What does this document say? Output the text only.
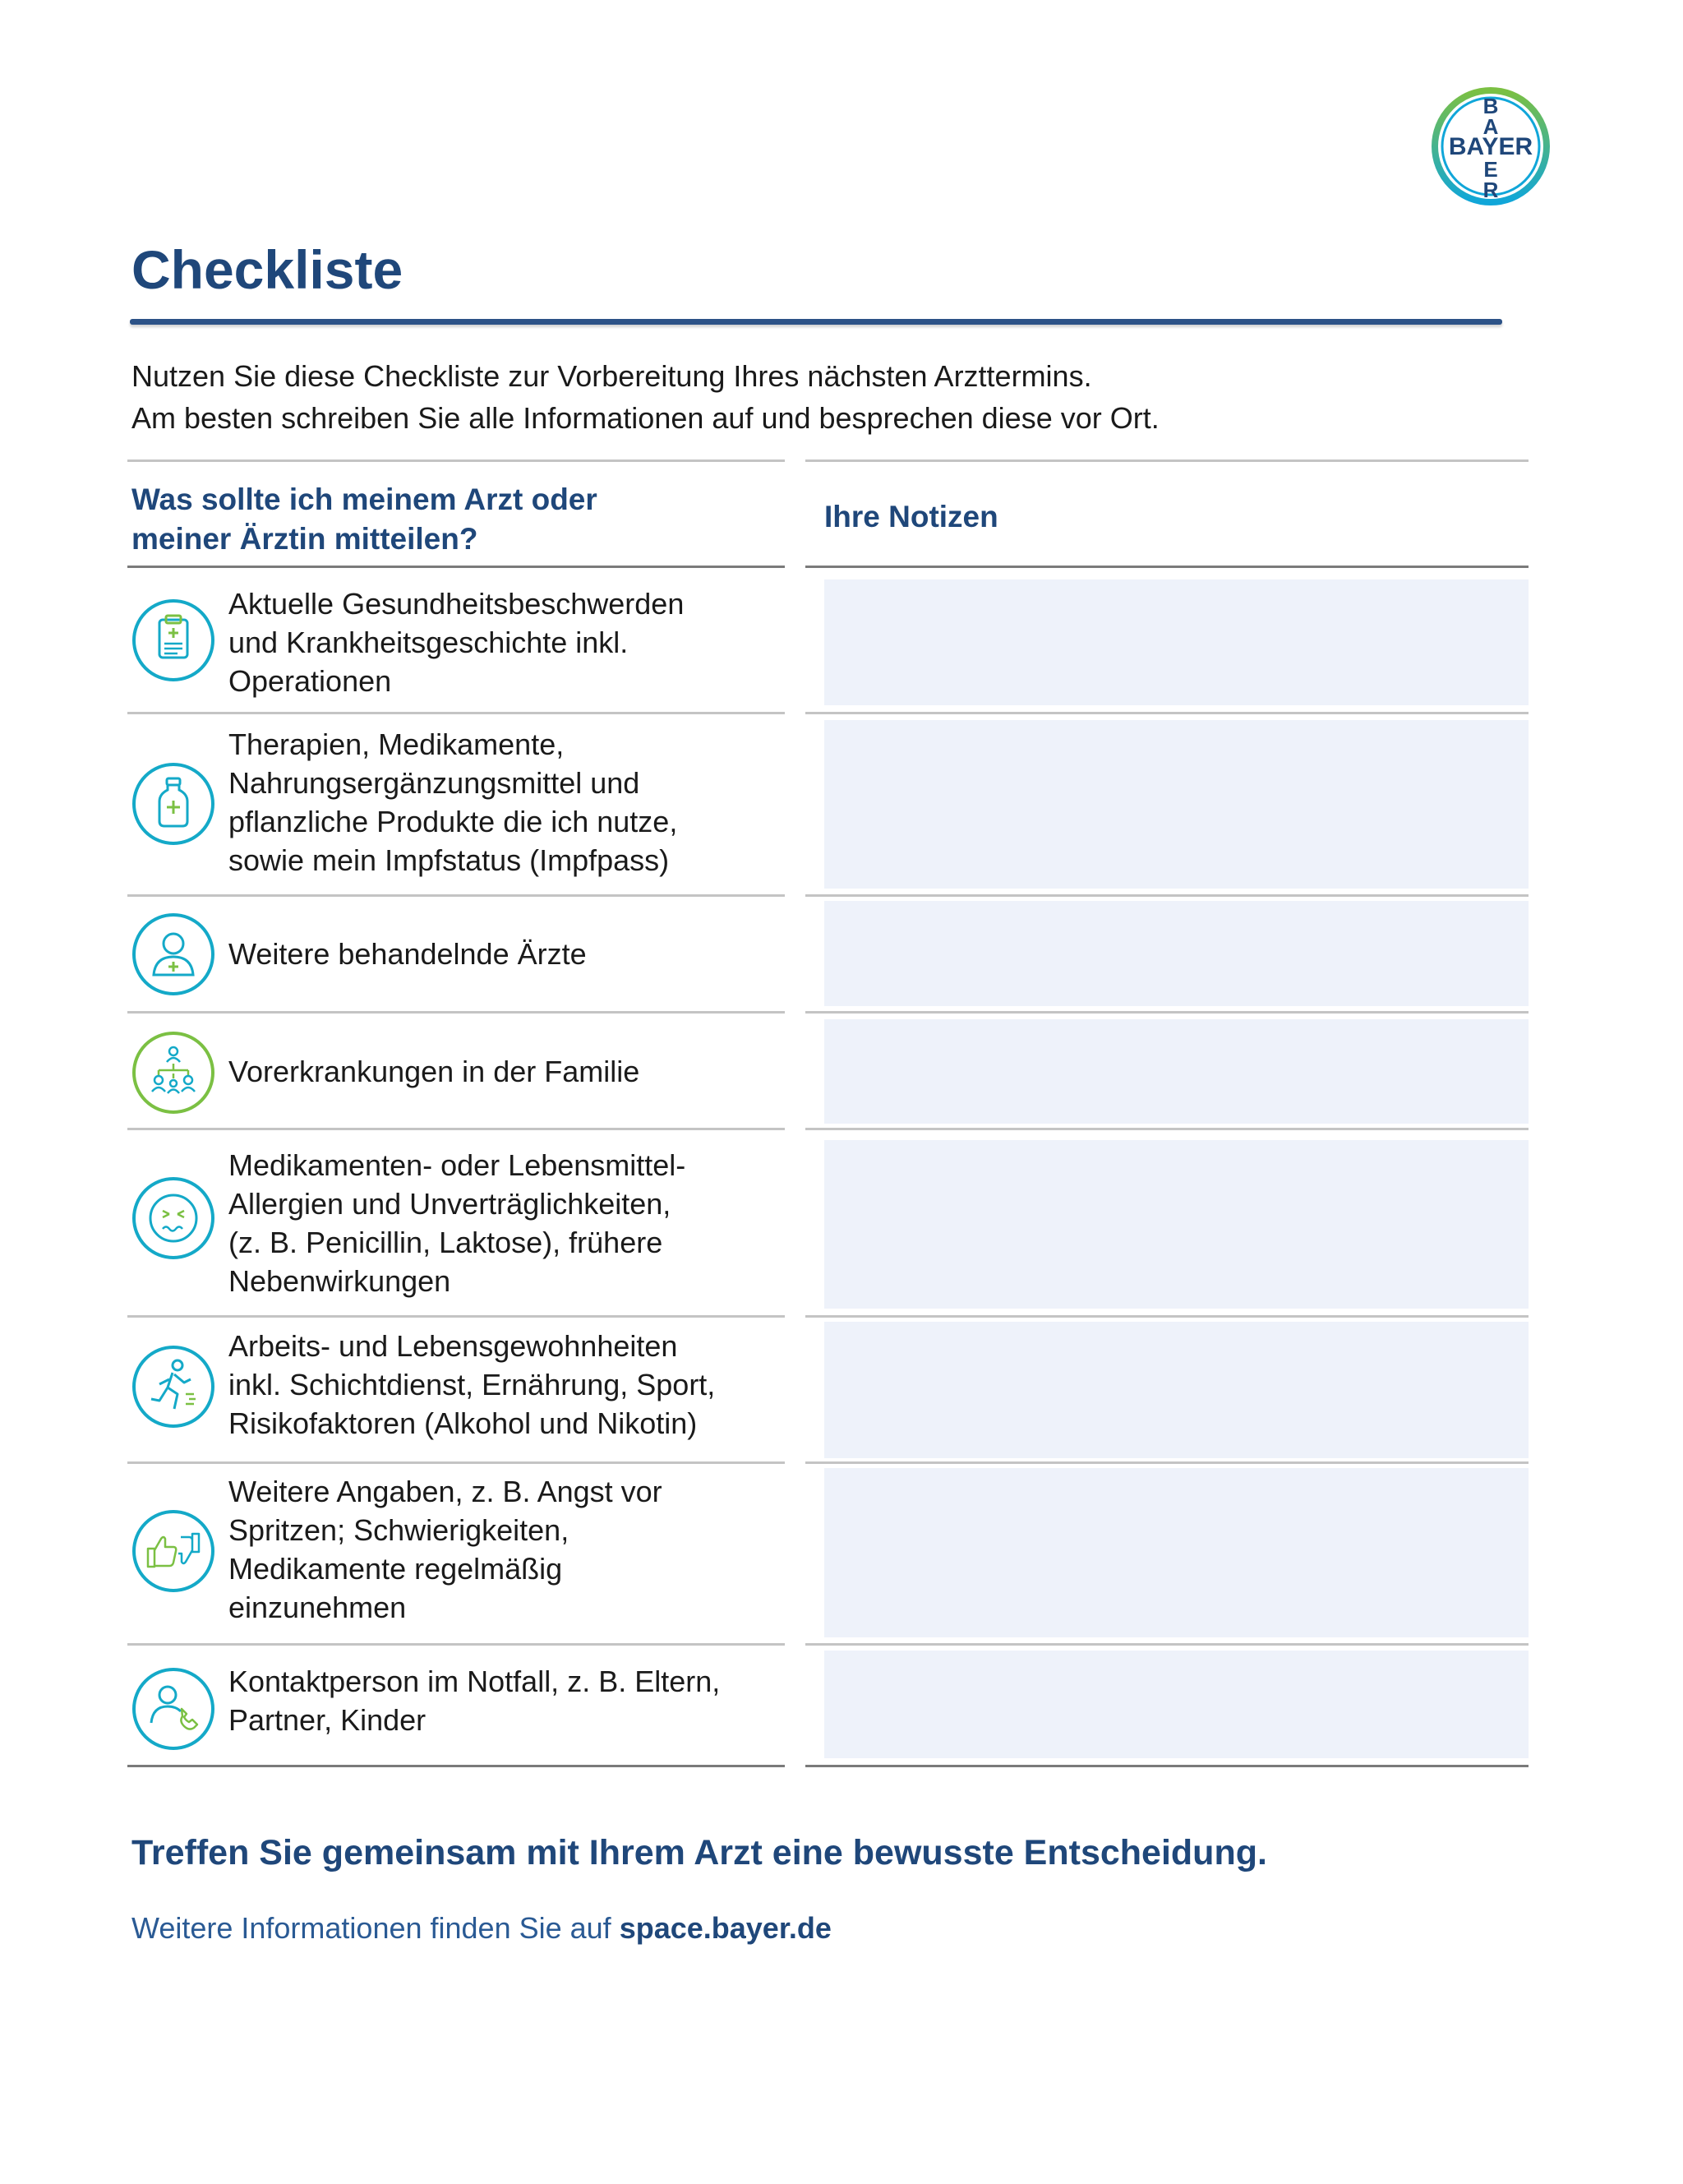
BAYER
B
A
E
R
Checkliste
Nutzen Sie diese Checkliste zur Vorbereitung Ihres nächsten Arzttermins.
Am besten schreiben Sie alle Informationen auf und besprechen diese vor Ort.
Was sollte ich meinem Arzt oder
meiner Ärztin mitteilen?
Ihre Notizen
Aktuelle Gesundheitsbeschwerden
und Krankheitsgeschichte inkl.
Operationen
Therapien, Medikamente,
Nahrungsergänzungsmittel und
pflanzliche Produkte die ich nutze,
sowie mein Impfstatus (Impfpass)
Weitere behandelnde Ärzte
Vorerkrankungen in der Familie
Medikamenten- oder Lebensmittel-
Allergien und Unverträglichkeiten,
(z. B. Penicillin, Laktose), frühere
Nebenwirkungen
Arbeits- und Lebensgewohnheiten
inkl. Schichtdienst, Ernährung, Sport,
Risikofaktoren (Alkohol und Nikotin)
Weitere Angaben, z. B. Angst vor
Spritzen; Schwierigkeiten,
Medikamente regelmäßig
einzunehmen
Kontaktperson im Notfall, z. B. Eltern,
Partner, Kinder
Treffen Sie gemeinsam mit Ihrem Arzt eine bewusste Entscheidung.
Weitere Informationen finden Sie auf space.bayer.de
